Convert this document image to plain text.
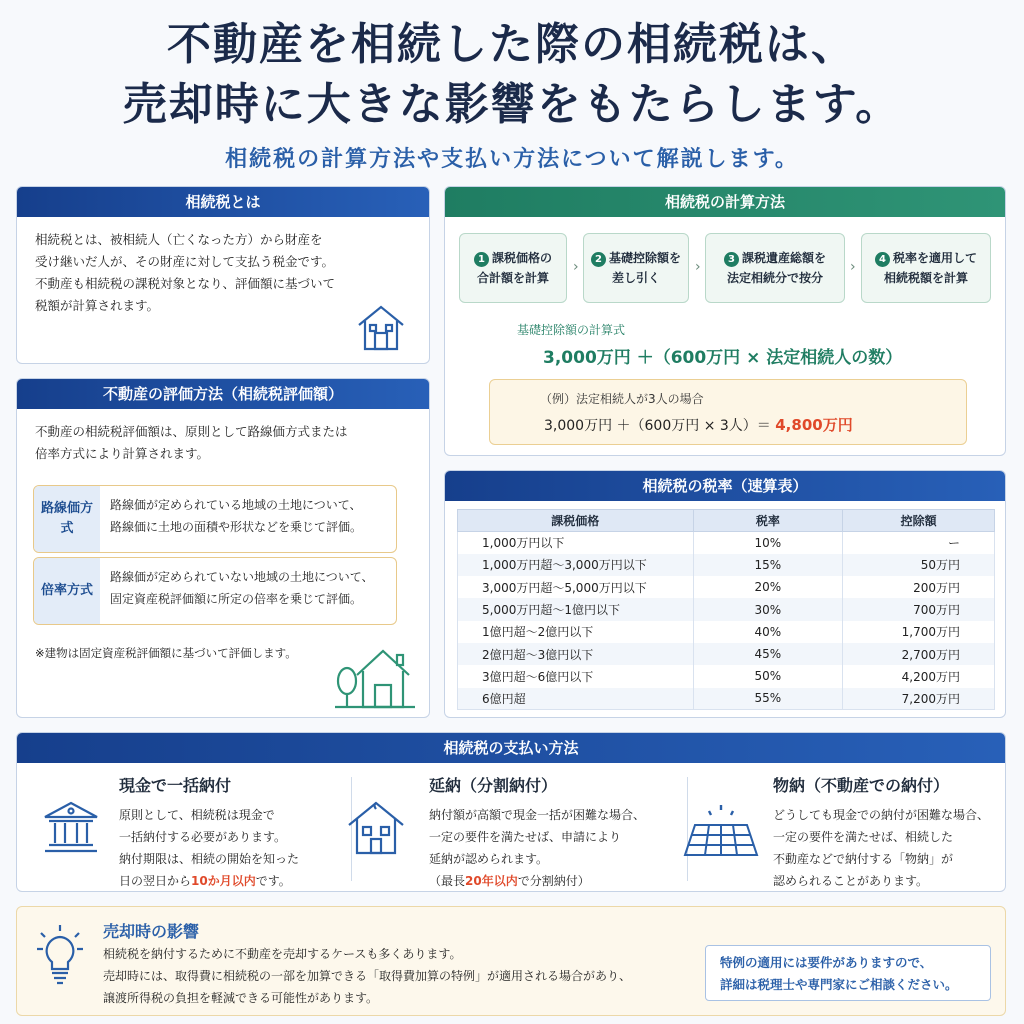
不動産を相続した際の相続税は、
売却時に大きな影響をもたらします。
相続税の計算方法や支払い方法について解説します。
相続税とは
相続税とは、被相続人（亡くなった方）から財産を
受け継いだ人が、その財産に対して支払う税金です。
不動産も相続税の課税対象となり、評価額に基づいて
税額が計算されます。
不動産の評価方法（相続税評価額）
不動産の相続税評価額は、原則として路線価方式または
倍率方式により計算されます。
路線価方式
路線価が定められている地域の土地について、
路線価に土地の面積や形状などを乗じて評価。
倍率方式
路線価が定められていない地域の土地について、
固定資産税評価額に所定の倍率を乗じて評価。
※建物は固定資産税評価額に基づいて評価します。
相続税の計算方法
1 課税価格の
合計額を計算
›	2 基礎控除額を
差し引く
›	3 課税遺産総額を
法定相続分で按分
›	4 税率を適用して
相続税額を計算
基礎控除額の計算式
3,000万円 ＋（600万円 × 法定相続人の数）
（例）法定相続人が3人の場合
3,000万円 ＋（600万円 × 3人）＝ 4,800万円
相続税の税率（速算表）
課税価格	税率	控除額
1,000万円以下	10%	ー
1,000万円超～3,000万円以下	15%	50万円
3,000万円超～5,000万円以下	20%	200万円
5,000万円超～1億円以下	30%	700万円
1億円超～2億円以下	40%	1,700万円
2億円超～3億円以下	45%	2,700万円
3億円超～6億円以下	50%	4,200万円
6億円超	55%	7,200万円
相続税の支払い方法
現金で一括納付
原則として、相続税は現金で
一括納付する必要があります。
納付期限は、相続の開始を知った
日の翌日から10か月以内です。
延納（分割納付）
納付額が高額で現金一括が困難な場合、
一定の要件を満たせば、申請により
延納が認められます。
（最長20年以内で分割納付）
物納（不動産での納付）
どうしても現金での納付が困難な場合、
一定の要件を満たせば、相続した
不動産などで納付する「物納」が
認められることがあります。
売却時の影響
相続税を納付するために不動産を売却するケースも多くあります。
売却時には、取得費に相続税の一部を加算できる「取得費加算の特例」が適用される場合があり、
譲渡所得税の負担を軽減できる可能性があります。
特例の適用には要件がありますので、
詳細は税理士や専門家にご相談ください。
